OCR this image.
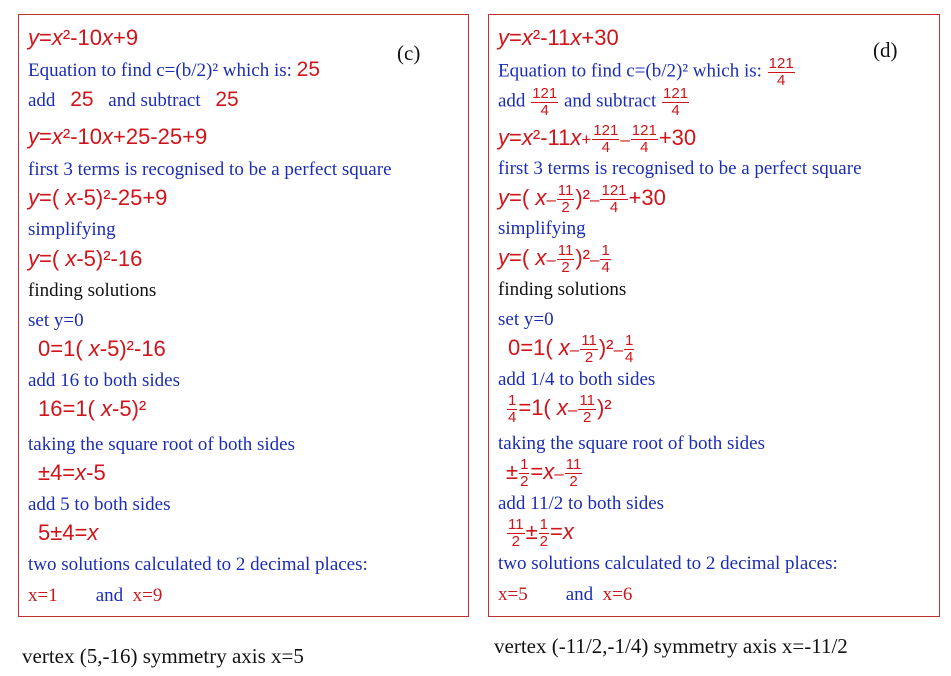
(c)
y=x²-10x+9
Equation to find c=(b/2)² which is: 25
add 25 and subtract 25
y=x²-10x+25-25+9
first 3 terms is recognised to be a perfect square
y=( x-5)²-25+9
simplifying
y=( x-5)²-16
finding solutions
set y=0
0=1( x-5)²-16
add 16 to both sides
16=1( x-5)²
taking the square root of both sides
±4=x-5
add 5 to both sides
5±4=x
two solutions calculated to 2 decimal places:
x=1 and x=9
(d)
y=x²-11x+30
Equation to find c=(b/2)² which is: $\frac{121}{4}$
add $\frac{121}{4}$ and subtract $\frac{121}{4}$
$y=x^2-11x+ \frac{121}{4} - \frac{121}{4} +30$
first 3 terms is recognised to be a perfect square
y=( $x- \frac{11}{2} )^2- \frac{121}{4} +30$
simplifying
y=( $x- \frac{11}{2} )^2- \frac{1}{4}$
finding solutions
set y=0
0=1( $x- \frac{11}{2} )^2- \frac{1}{4}$
add 1/4 to both sides
$\frac{1}{4} =1$( $x- \frac{11}{2} )^2$
taking the square root of both sides
± $\frac{1}{2} =x- \frac{11}{2}$
add 11/2 to both sides
$\frac{11}{2} \pm \frac{1}{2} =x$
two solutions calculated to 2 decimal places:
x=5 and x=6
vertex (5,-16) symmetry axis x=5	vertex (-11/2,-1/4) symmetry axis x=-11/2
